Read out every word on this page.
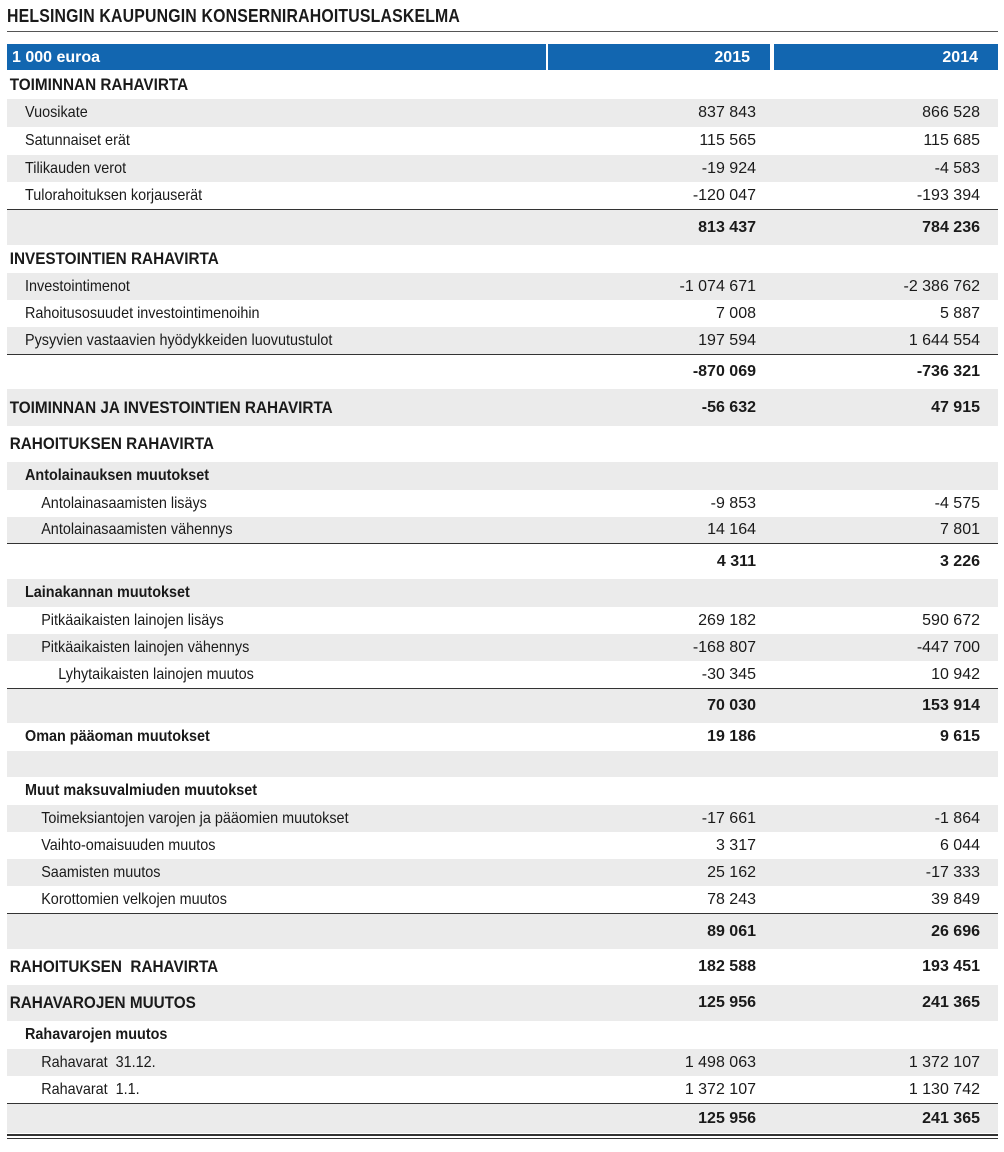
HELSINGIN KAUPUNGIN KONSERNIRAHOITUSLASKELMA
1 000 euroa	2015	2014
TOIMINNAN RAHAVIRTA
Vuosikate	837 843	866 528
Satunnaiset erät	115 565	115 685
Tilikauden verot	-19 924	-4 583
Tulorahoituksen korjauserät	-120 047	-193 394
813 437	784 236
INVESTOINTIEN RAHAVIRTA
Investointimenot	-1 074 671	-2 386 762
Rahoitusosuudet investointimenoihin	7 008	5 887
Pysyvien vastaavien hyödykkeiden luovutustulot	197 594	1 644 554
-870 069	-736 321
TOIMINNAN JA INVESTOINTIEN RAHAVIRTA	-56 632	47 915
RAHOITUKSEN RAHAVIRTA
Antolainauksen muutokset
Antolainasaamisten lisäys	-9 853	-4 575
Antolainasaamisten vähennys	14 164	7 801
4 311	3 226
Lainakannan muutokset
Pitkäaikaisten lainojen lisäys	269 182	590 672
Pitkäaikaisten lainojen vähennys	-168 807	-447 700
Lyhytaikaisten lainojen muutos	-30 345	10 942
70 030	153 914
Oman pääoman muutokset	19 186	9 615
Muut maksuvalmiuden muutokset
Toimeksiantojen varojen ja pääomien muutokset	-17 661	-1 864
Vaihto-omaisuuden muutos	3 317	6 044
Saamisten muutos	25 162	-17 333
Korottomien velkojen muutos	78 243	39 849
89 061	26 696
RAHOITUKSEN  RAHAVIRTA	182 588	193 451
RAHAVAROJEN MUUTOS	125 956	241 365
Rahavarojen muutos
Rahavarat  31.12.	1 498 063	1 372 107
Rahavarat  1.1.	1 372 107	1 130 742
125 956	241 365
